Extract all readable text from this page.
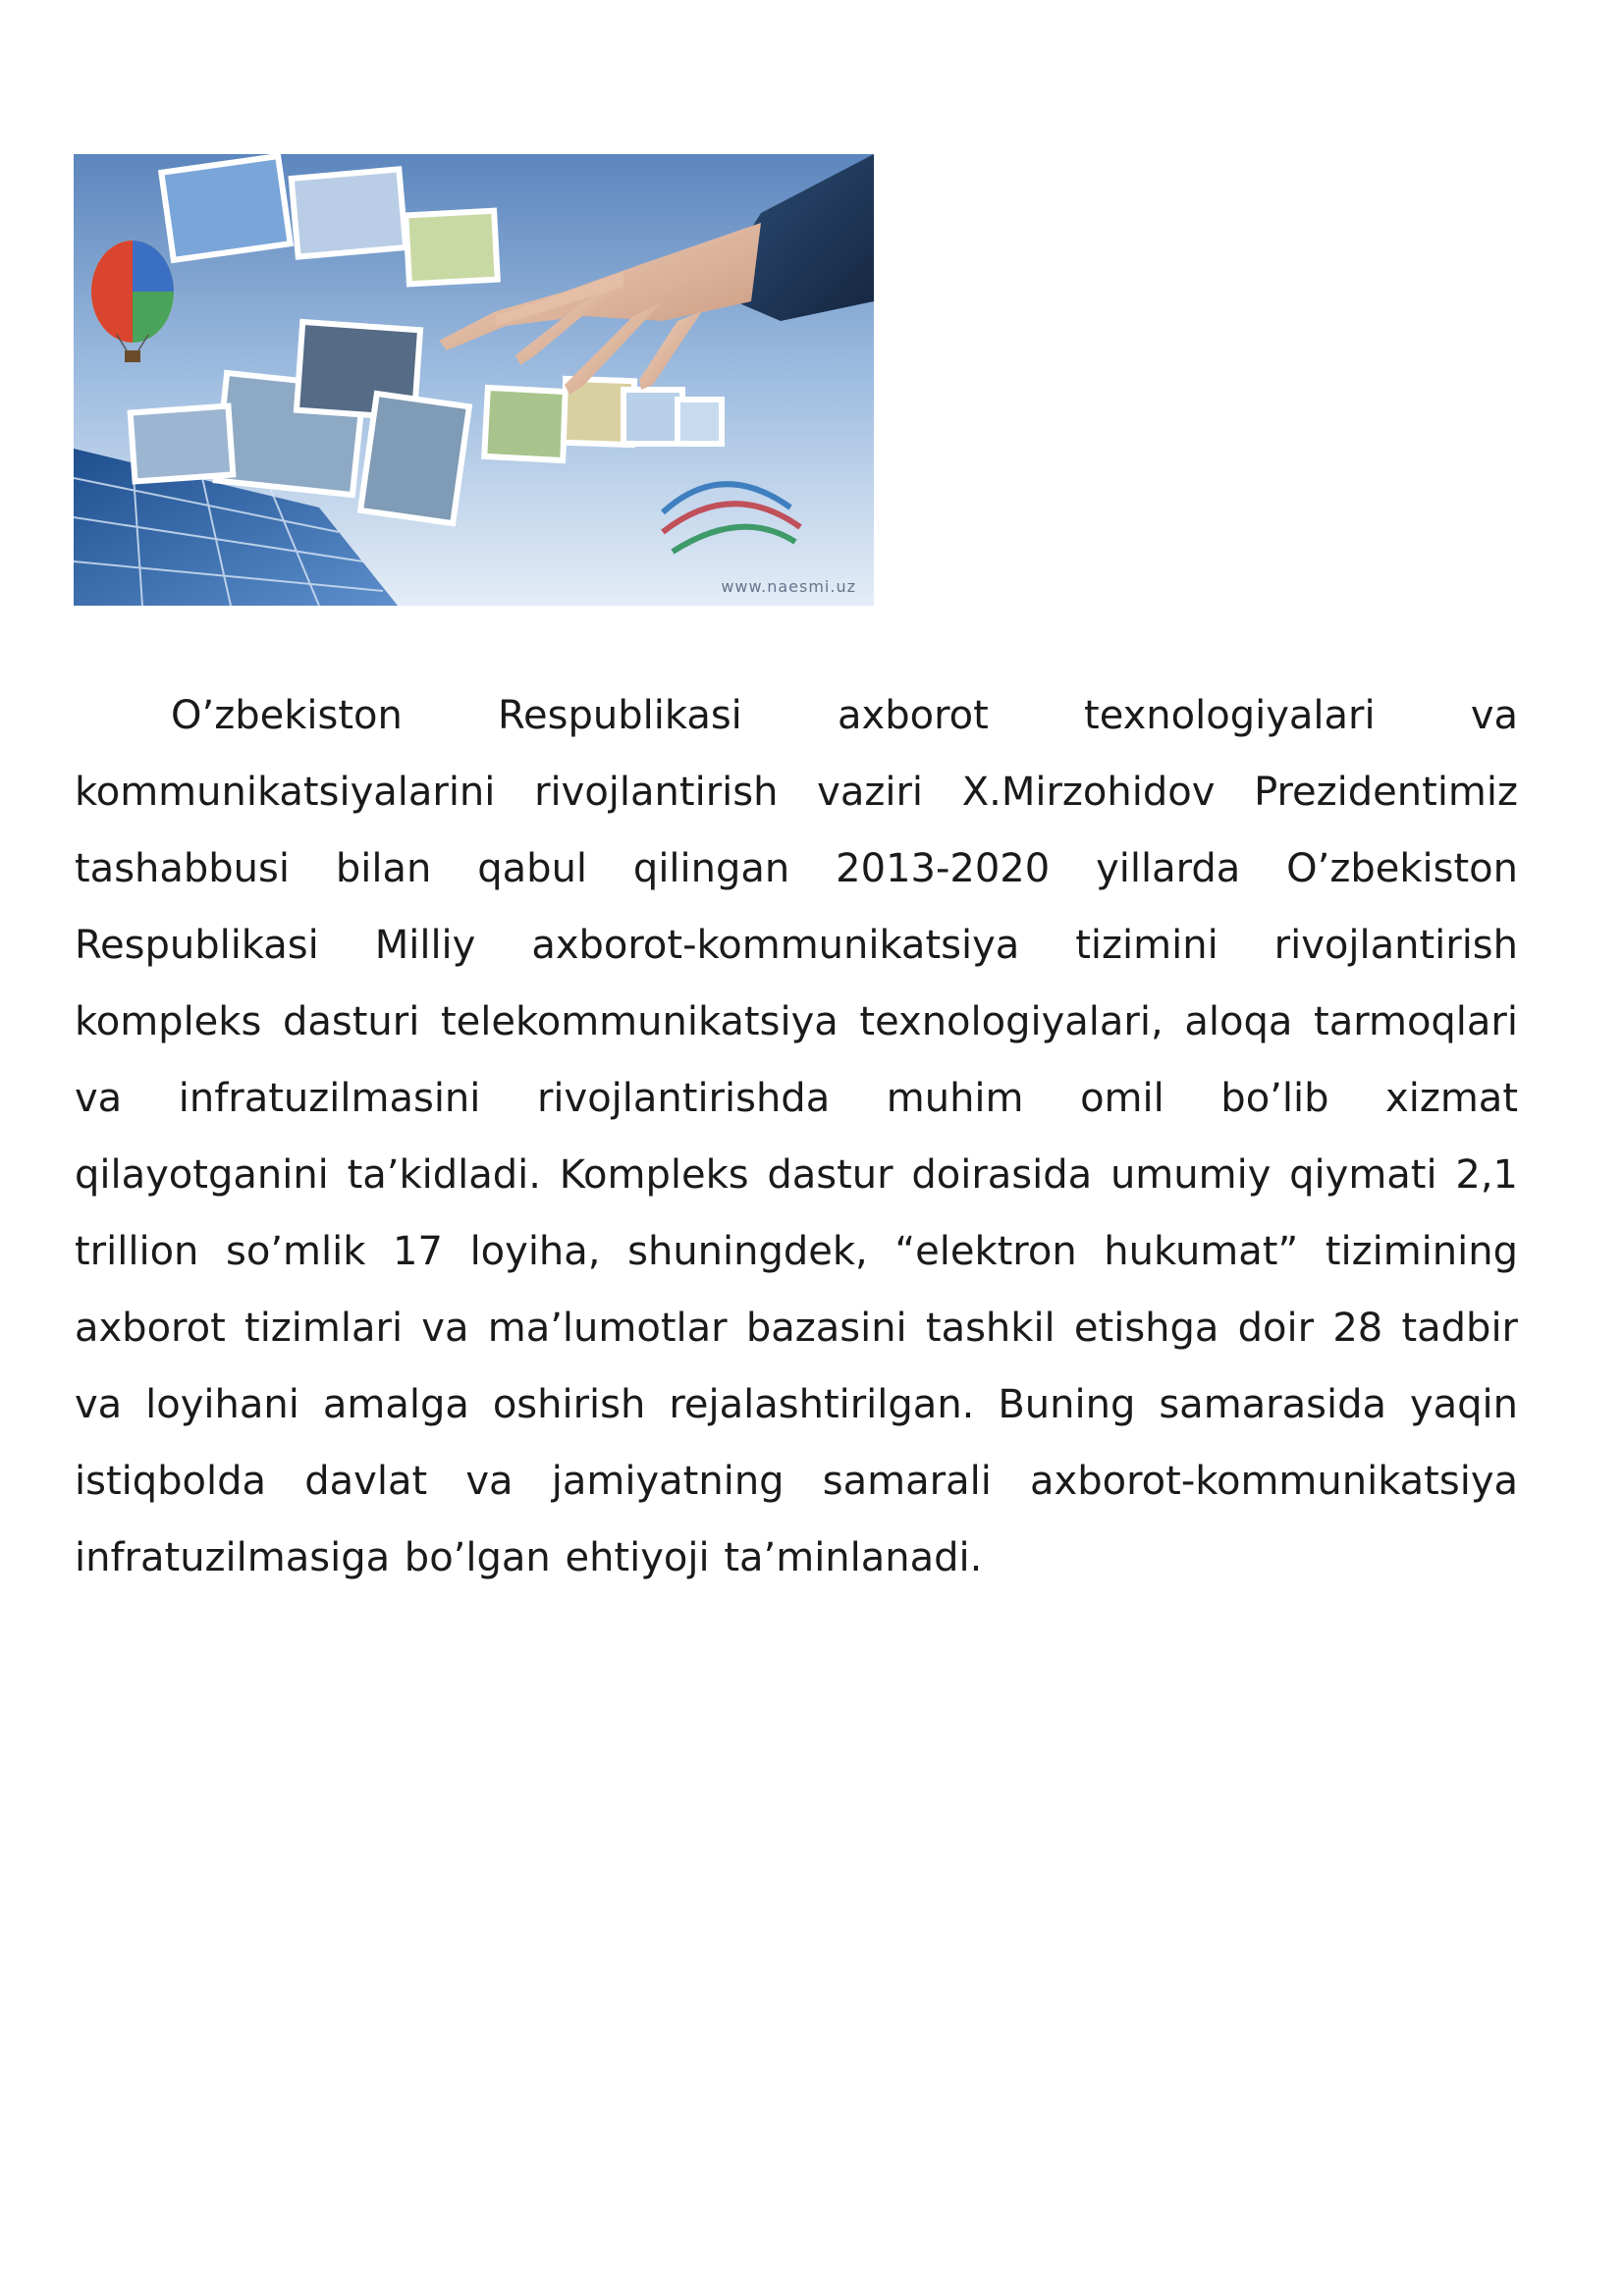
www.naesmi.uz

O’zbekiston Respublikasi axborot texnologiyalari va kommunikatsiyalarini rivojlantirish vaziri X.Mirzohidov Prezidentimiz tashabbusi bilan qabul qilingan 2013-2020 yillarda O’zbekiston Respublikasi Milliy axborot-kommunikatsiya tizimini rivojlantirish kompleks dasturi telekommunikatsiya texnologiyalari, aloqa tarmoqlari va infratuzilmasini rivojlantirishda muhim omil bo’lib xizmat qilayotganini ta’kidladi. Kompleks dastur doirasida umumiy qiymati 2,1 trillion so’mlik 17 loyiha, shuningdek, “elektron hukumat” tizimining axborot tizimlari va ma’lumotlar bazasini tashkil etishga doir 28 tadbir va loyihani amalga oshirish rejalashtirilgan. Buning samarasida yaqin istiqbolda davlat va jamiyatning samarali axborot-kommunikatsiya infratuzilmasiga bo’lgan ehtiyoji ta’minlanadi.
